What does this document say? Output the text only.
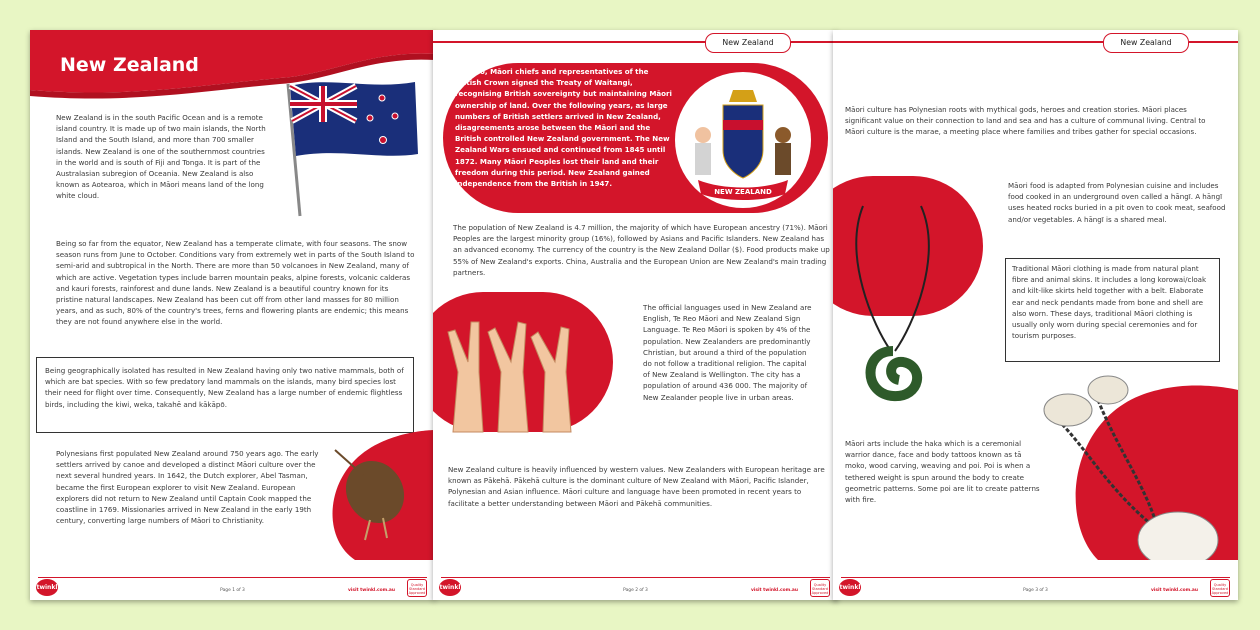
New Zealand
New Zealand is in the south Pacific Ocean and is a remote island country. It is made up of two main islands, the North Island and the South Island, and more than 700 smaller islands. New Zealand is one of the southernmost countries in the world and is south of Fiji and Tonga. It is part of the Australasian subregion of Oceania. New Zealand is also known as Aotearoa, which in Māori means land of the long white cloud.
Being so far from the equator, New Zealand has a temperate climate, with four seasons. The snow season runs from June to October. Conditions vary from extremely wet in parts of the South Island to semi-arid and subtropical in the North. There are more than 50 volcanoes in New Zealand, many of which are active. Vegetation types include barren mountain peaks, alpine forests, volcanic calderas and kauri forests, rainforest and dune lands. New Zealand is a beautiful country known for its pristine natural landscapes. New Zealand has been cut off from other land masses for 80 million years, and as such, 80% of the country's trees, ferns and flowering plants are endemic; this means they are not found anywhere else in the world.
Being geographically isolated has resulted in New Zealand having only two native mammals, both of which are bat species. With so few predatory land mammals on the islands, many bird species lost their need for flight over time. Consequently, New Zealand has a large number of endemic flightless birds, including the kiwi, weka, takahē and kākāpō.
Polynesians first populated New Zealand around 750 years ago. The early settlers arrived by canoe and developed a distinct Māori culture over the next several hundred years. In 1642, the Dutch explorer, Abel Tasman, became the first European explorer to visit New Zealand. European explorers did not return to New Zealand until Captain Cook mapped the coastline in 1769. Missionaries arrived in New Zealand in the early 19th century, converting large numbers of Māori to Christianity.
twinkl	Page 1 of 3	visit twinkl.com.au
Quality Standard Approved
New Zealand
In 1840, Māori chiefs and representatives of the British Crown signed the Treaty of Waitangi, recognising British sovereignty but maintaining Māori ownership of land. Over the following years, as large numbers of British settlers arrived in New Zealand, disagreements arose between the Māori and the British controlled New Zealand government. The New Zealand Wars ensued and continued from 1845 until 1872. Many Māori Peoples lost their land and their freedom during this period. New Zealand gained independence from the British in 1947.
NEW ZEALAND
The population of New Zealand is 4.7 million, the majority of which have European ancestry (71%). Māori Peoples are the largest minority group (16%), followed by Asians and Pacific Islanders. New Zealand has an advanced economy. The currency of the country is the New Zealand Dollar ($). Food products make up 55% of New Zealand's exports. China, Australia and the European Union are New Zealand's main trading partners.
The official languages used in New Zealand are English, Te Reo Māori and New Zealand Sign Language. Te Reo Māori is spoken by 4% of the population. New Zealanders are predominantly Christian, but around a third of the population do not follow a traditional religion. The capital of New Zealand is Wellington. The city has a population of around 436 000. The majority of New Zealander people live in urban areas.
New Zealand culture is heavily influenced by western values. New Zealanders with European heritage are known as Pākehā. Pākehā culture is the dominant culture of New Zealand with Māori, Pacific Islander, Polynesian and Asian influence. Māori culture and language have been promoted in recent years to facilitate a better understanding between Māori and Pākehā communities.
twinkl	Page 2 of 3	visit twinkl.com.au
Quality Standard Approved
New Zealand
Māori culture has Polynesian roots with mythical gods, heroes and creation stories. Māori places significant value on their connection to land and sea and has a culture of communal living. Central to Māori culture is the marae, a meeting place where families and tribes gather for special occasions.
Māori food is adapted from Polynesian cuisine and includes food cooked in an underground oven called a hāngī. A hāngī uses heated rocks buried in a pit oven to cook meat, seafood and/or vegetables. A hāngī is a shared meal.
Traditional Māori clothing is made from natural plant fibre and animal skins. It includes a long korowai/cloak and kilt-like skirts held together with a belt. Elaborate ear and neck pendants made from bone and shell are also worn. These days, traditional Māori clothing is usually only worn during special ceremonies and for tourism purposes.
Māori arts include the haka which is a ceremonial warrior dance, face and body tattoos known as tā moko, wood carving, weaving and poi. Poi is when a tethered weight is spun around the body to create geometric patterns. Some poi are lit to create patterns with fire.
twinkl	Page 3 of 3	visit twinkl.com.au
Quality Standard Approved
